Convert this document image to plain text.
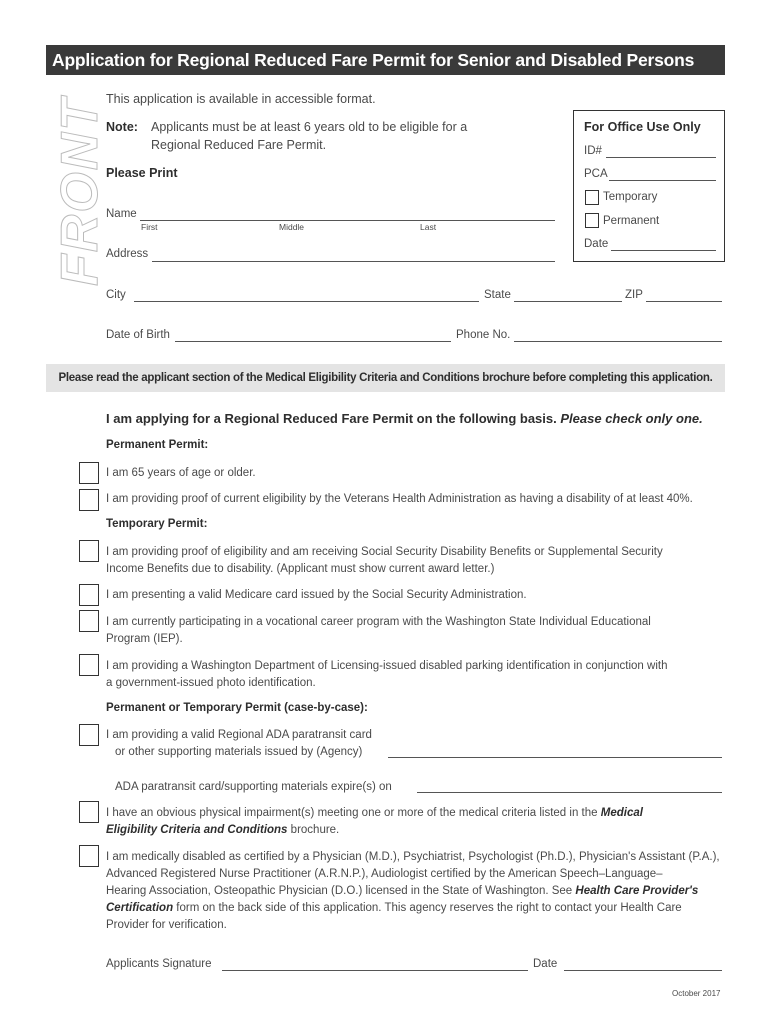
Application for Regional Reduced Fare Permit for Senior and Disabled Persons
FRONT
This application is available in accessible format.
Note: Applicants must be at least 6 years old to be eligible for a
Regional Reduced Fare Permit.
Please Print
Name
First	Middle	Last
Address
City	State	ZIP
Date of Birth	Phone No.
For Office Use Only
ID#
PCA
Temporary
Permanent
Date
Please read the applicant section of the Medical Eligibility Criteria and Conditions brochure before completing this application.
I am applying for a Regional Reduced Fare Permit on the following basis. Please check only one.
Permanent Permit:
I am 65 years of age or older.
I am providing proof of current eligibility by the Veterans Health Administration as having a disability of at least 40%.
Temporary Permit:
I am providing proof of eligibility and am receiving Social Security Disability Benefits or Supplemental Security
Income Benefits due to disability. (Applicant must show current award letter.)
I am presenting a valid Medicare card issued by the Social Security Administration.
I am currently participating in a vocational career program with the Washington State Individual Educational
Program (IEP).
I am providing a Washington Department of Licensing-issued disabled parking identification in conjunction with
a government-issued photo identification.
Permanent or Temporary Permit (case-by-case):
I am providing a valid Regional ADA paratransit card
or other supporting materials issued by (Agency)
ADA paratransit card/supporting materials expire(s) on
I have an obvious physical impairment(s) meeting one or more of the medical criteria listed in the Medical
Eligibility Criteria and Conditions brochure.
I am medically disabled as certified by a Physician (M.D.), Psychiatrist, Psychologist (Ph.D.), Physician's Assistant (P.A.),
Advanced Registered Nurse Practitioner (A.R.N.P.), Audiologist certified by the American Speech–Language–
Hearing Association, Osteopathic Physician (D.O.) licensed in the State of Washington. See Health Care Provider's
Certification form on the back side of this application. This agency reserves the right to contact your Health Care
Provider for verification.
Applicants Signature	Date
October 2017
